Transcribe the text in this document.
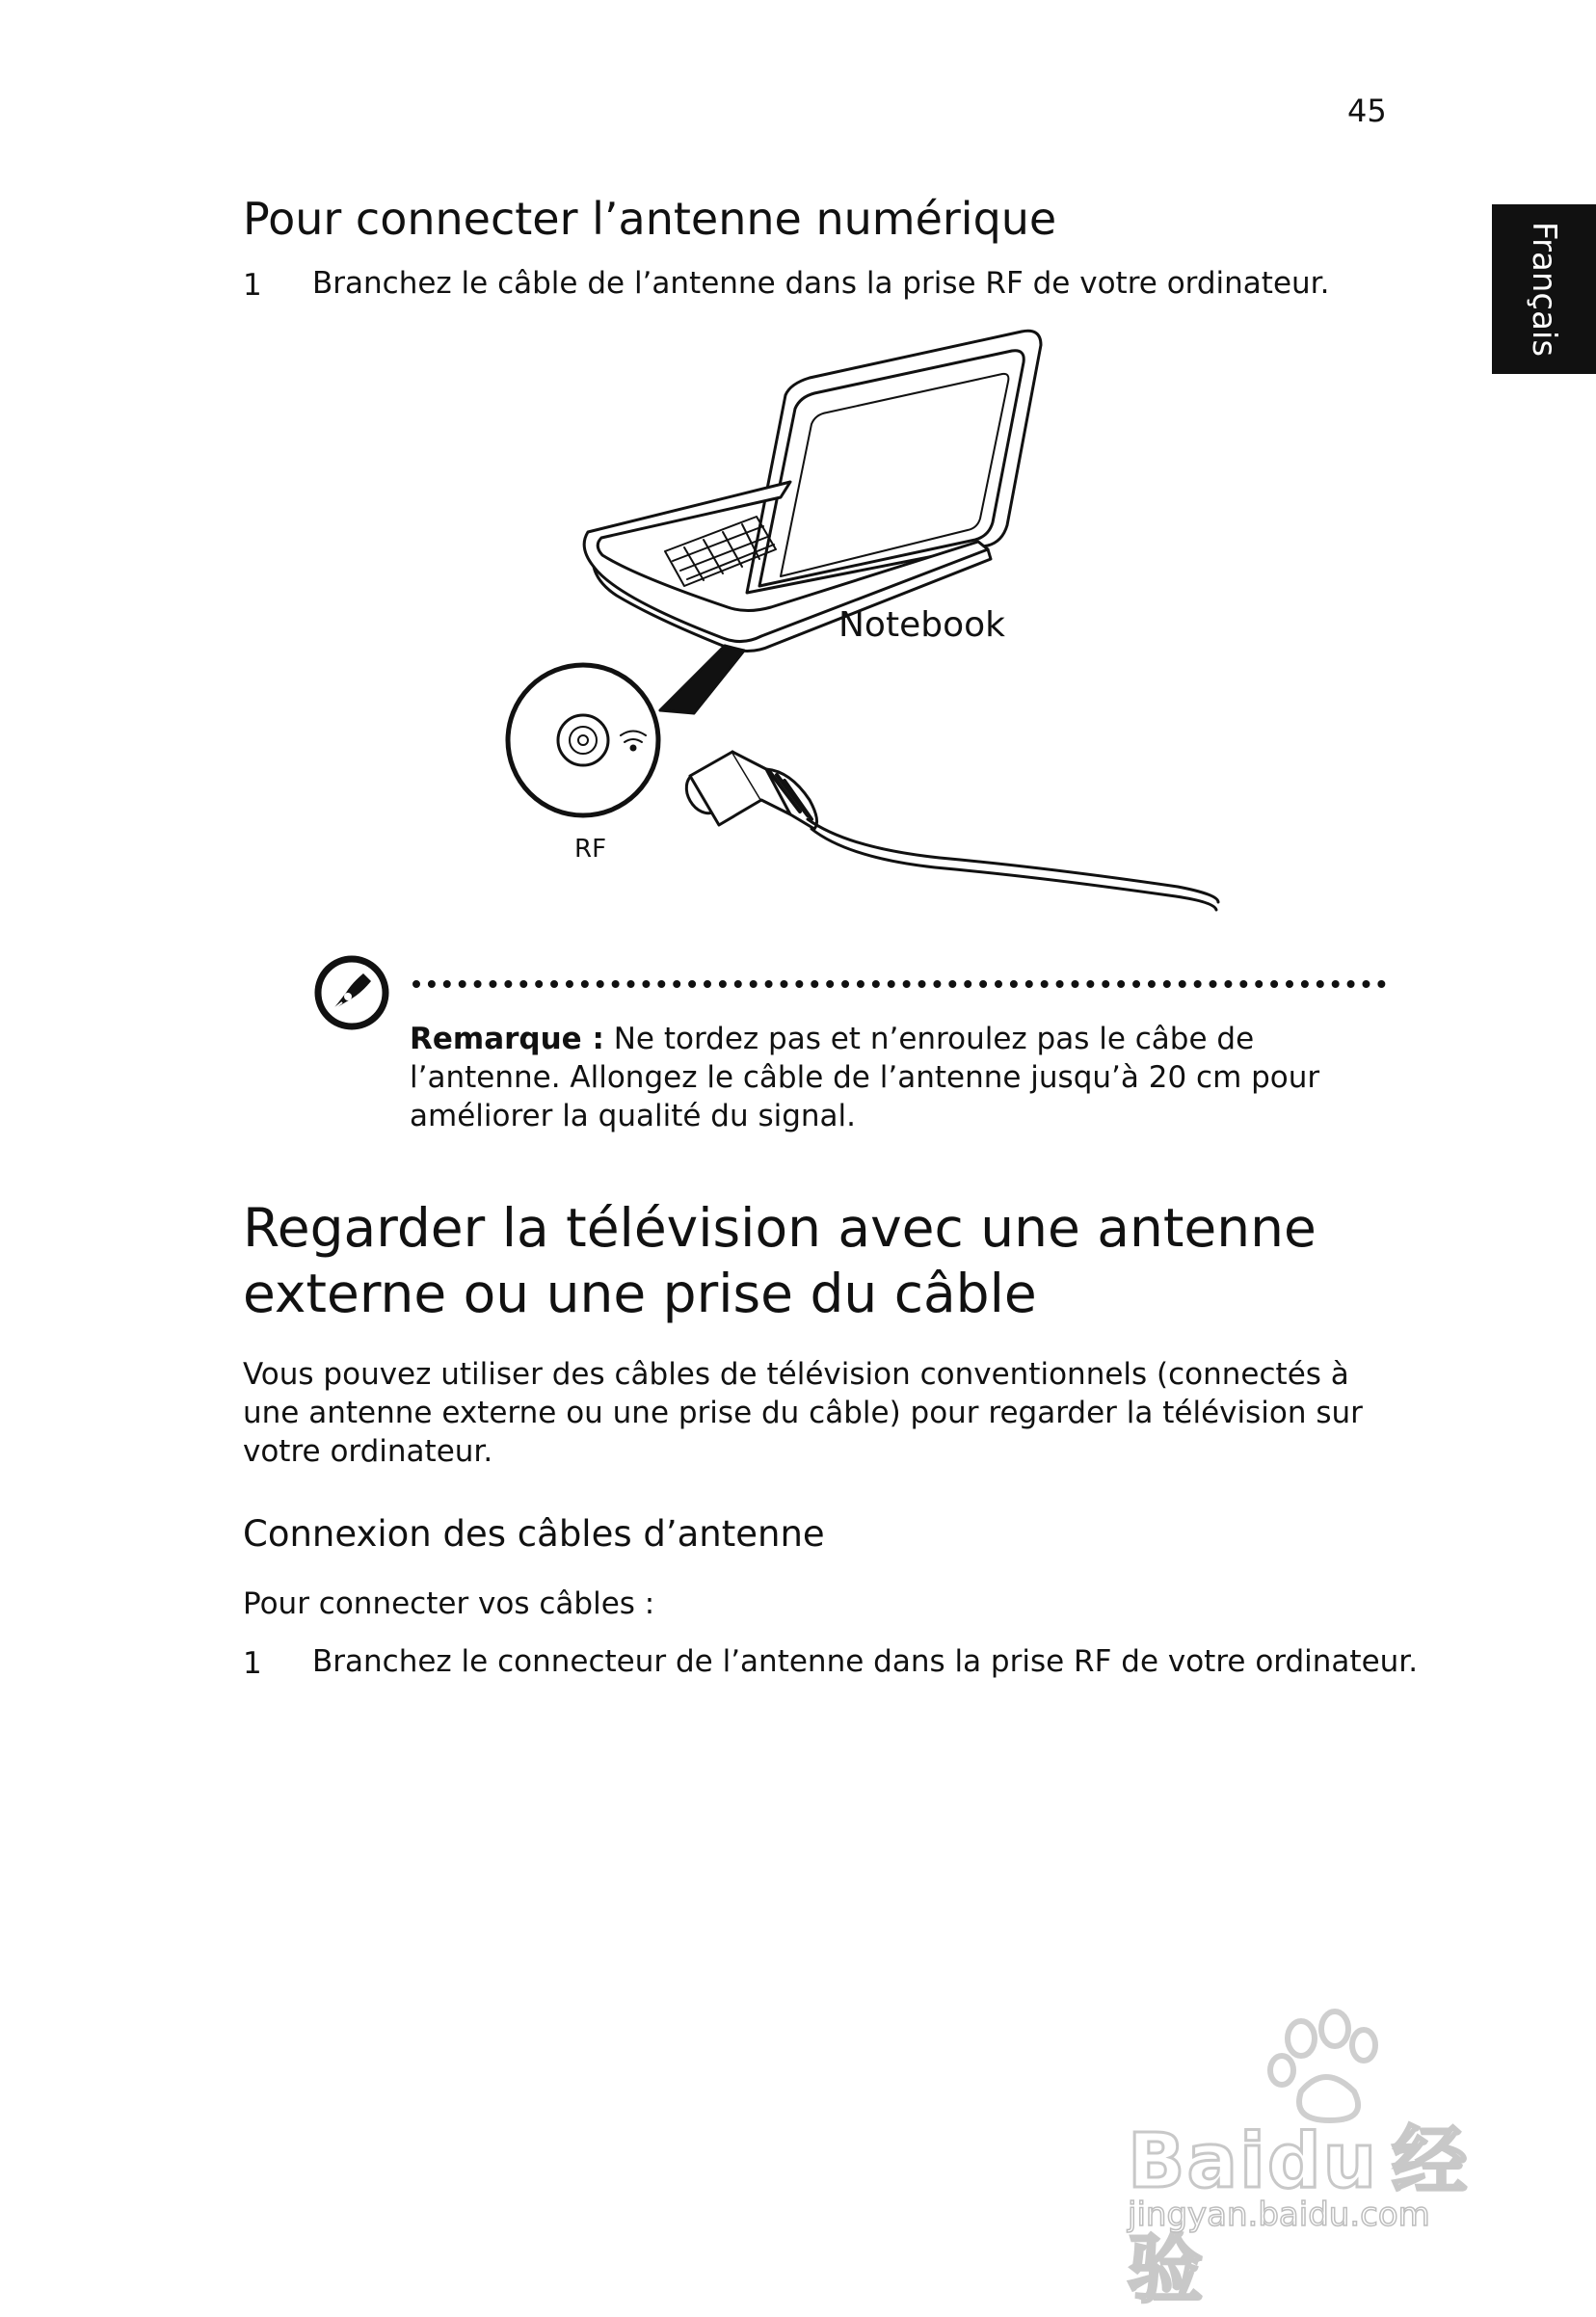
45
Français
Pour connecter l’antenne numérique
1 Branchez le câble de l’antenne dans la prise RF de votre ordinateur.
Notebook
RF
Remarque : Ne tordez pas et n’enroulez pas le câbe de l’antenne. Allongez le câble de l’antenne jusqu’à 20 cm pour améliorer la qualité du signal.
Regarder la télévision avec une antenne
externe ou une prise du câble
Vous pouvez utiliser des câbles de télévision conventionnels (connectés à une antenne externe ou une prise du câble) pour regarder la télévision sur votre ordinateur.
Connexion des câbles d’antenne
Pour connecter vos câbles :
1 Branchez le connecteur de l’antenne dans la prise RF de votre ordinateur.
Baidu 经验
jingyan.baidu.com
